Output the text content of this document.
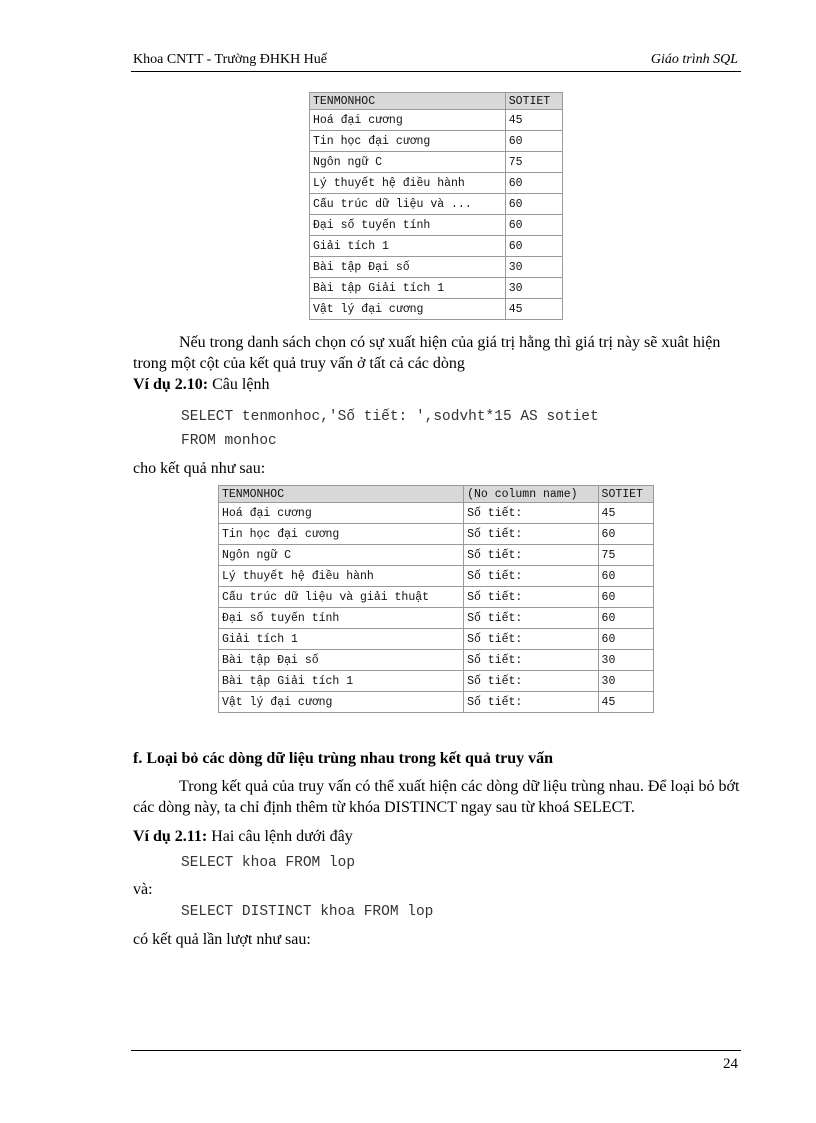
Khoa CNTT - Trường ĐHKH Huế	Giáo trình SQL
TENMONHOC	SOTIET
Hoá đại cương	45
Tin học đại cương	60
Ngôn ngữ C	75
Lý thuyết hệ điều hành	60
Cấu trúc dữ liệu và ...	60
Đại số tuyến tính	60
Giải tích 1	60
Bài tập Đại số	30
Bài tập Giải tích 1	30
Vật lý đại cương	45

Nếu trong danh sách chọn có sự xuất hiện của giá trị hằng thì giá trị này sẽ xuât hiện trong một cột của kết quả truy vấn ở tất cả các dòng

Ví dụ 2.10: Câu lệnh
SELECT tenmonhoc,'Số tiết: ',sodvht*15 AS sotiet
FROM monhoc
cho kết quả như sau:
TENMONHOC	(No column name)	SOTIET
Hoá đại cương	Số tiết:	45
Tin học đại cương	Số tiết:	60
Ngôn ngữ C	Số tiết:	75
Lý thuyết hệ điều hành	Số tiết:	60
Cấu trúc dữ liệu và giải thuật	Số tiết:	60
Đại số tuyến tính	Số tiết:	60
Giải tích 1	Số tiết:	60
Bài tập Đại số	Số tiết:	30
Bài tập Giải tích 1	Số tiết:	30
Vật lý đại cương	Số tiết:	45
f. Loại bỏ các dòng dữ liệu trùng nhau trong kết quả truy vấn

Trong kết quả của truy vấn có thể xuất hiện các dòng dữ liệu trùng nhau. Để loại bỏ bớt các dòng này, ta chỉ định thêm từ khóa DISTINCT ngay sau từ khoá SELECT.

Ví dụ 2.11: Hai câu lệnh dưới đây
SELECT khoa FROM lop
và:
SELECT DISTINCT khoa FROM lop
có kết quả lần lượt như sau:
24
